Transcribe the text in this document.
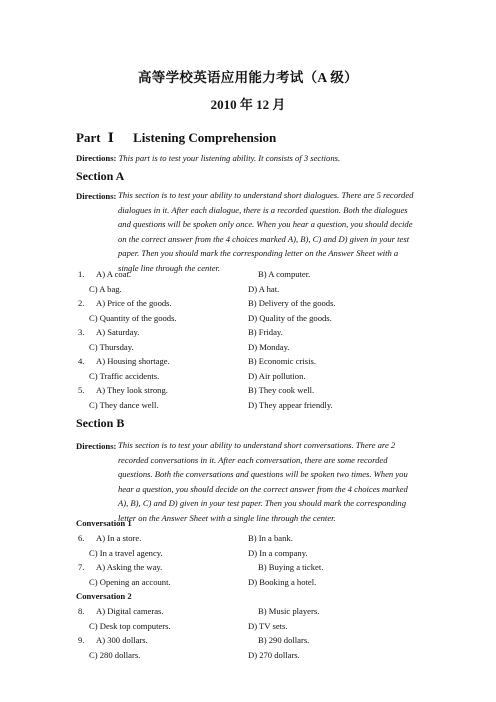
高等学校英语应用能力考试（A 级）
2010 年 12 月
Part Ⅰ Listening Comprehension
Directions: This part is to test your listening ability. It consists of 3 sections.
Section A
Directions: This section is to test your ability to understand short dialogues. There are 5 recorded
dialogues in it. After each dialogue, there is a recorded question. Both the dialogues
and questions will be spoken only once. When you hear a question, you should decide
on the correct answer from the 4 choices marked A), B), C) and D) given in your test
paper. Then you should mark the corresponding letter on the Answer Sheet with a
single line through the center.
1. A) A coat.	B) A computer.
C) A bag.	D) A hat.
2. A) Price of the goods.	B) Delivery of the goods.
C) Quantity of the goods.	D) Quality of the goods.
3. A) Saturday.	B) Friday.
C) Thursday.	D) Monday.
4. A) Housing shortage.	B) Economic crisis.
C) Traffic accidents.	D) Air pollution.
5. A) They look strong.	B) They cook well.
C) They dance well.	D) They appear friendly.
Section B
Directions: This section is to test your ability to understand short conversations. There are 2
recorded conversations in it. After each conversation, there are some recorded
questions. Both the conversations and questions will be spoken two times. When you
hear a question, you should decide on the correct answer from the 4 choices marked
A), B), C) and D) given in your test paper. Then you should mark the corresponding
letter on the Answer Sheet with a single line through the center.
Conversation 1
6. A) In a store.	B) In a bank.
C) In a travel agency.	D) In a company.
7. A) Asking the way.	B) Buying a ticket.
C) Opening an account.	D) Booking a hotel.
Conversation 2
8. A) Digital cameras.	B) Music players.
C) Desk top computers.	D) TV sets.
9. A) 300 dollars.	B) 290 dollars.
C) 280 dollars.	D) 270 dollars.
